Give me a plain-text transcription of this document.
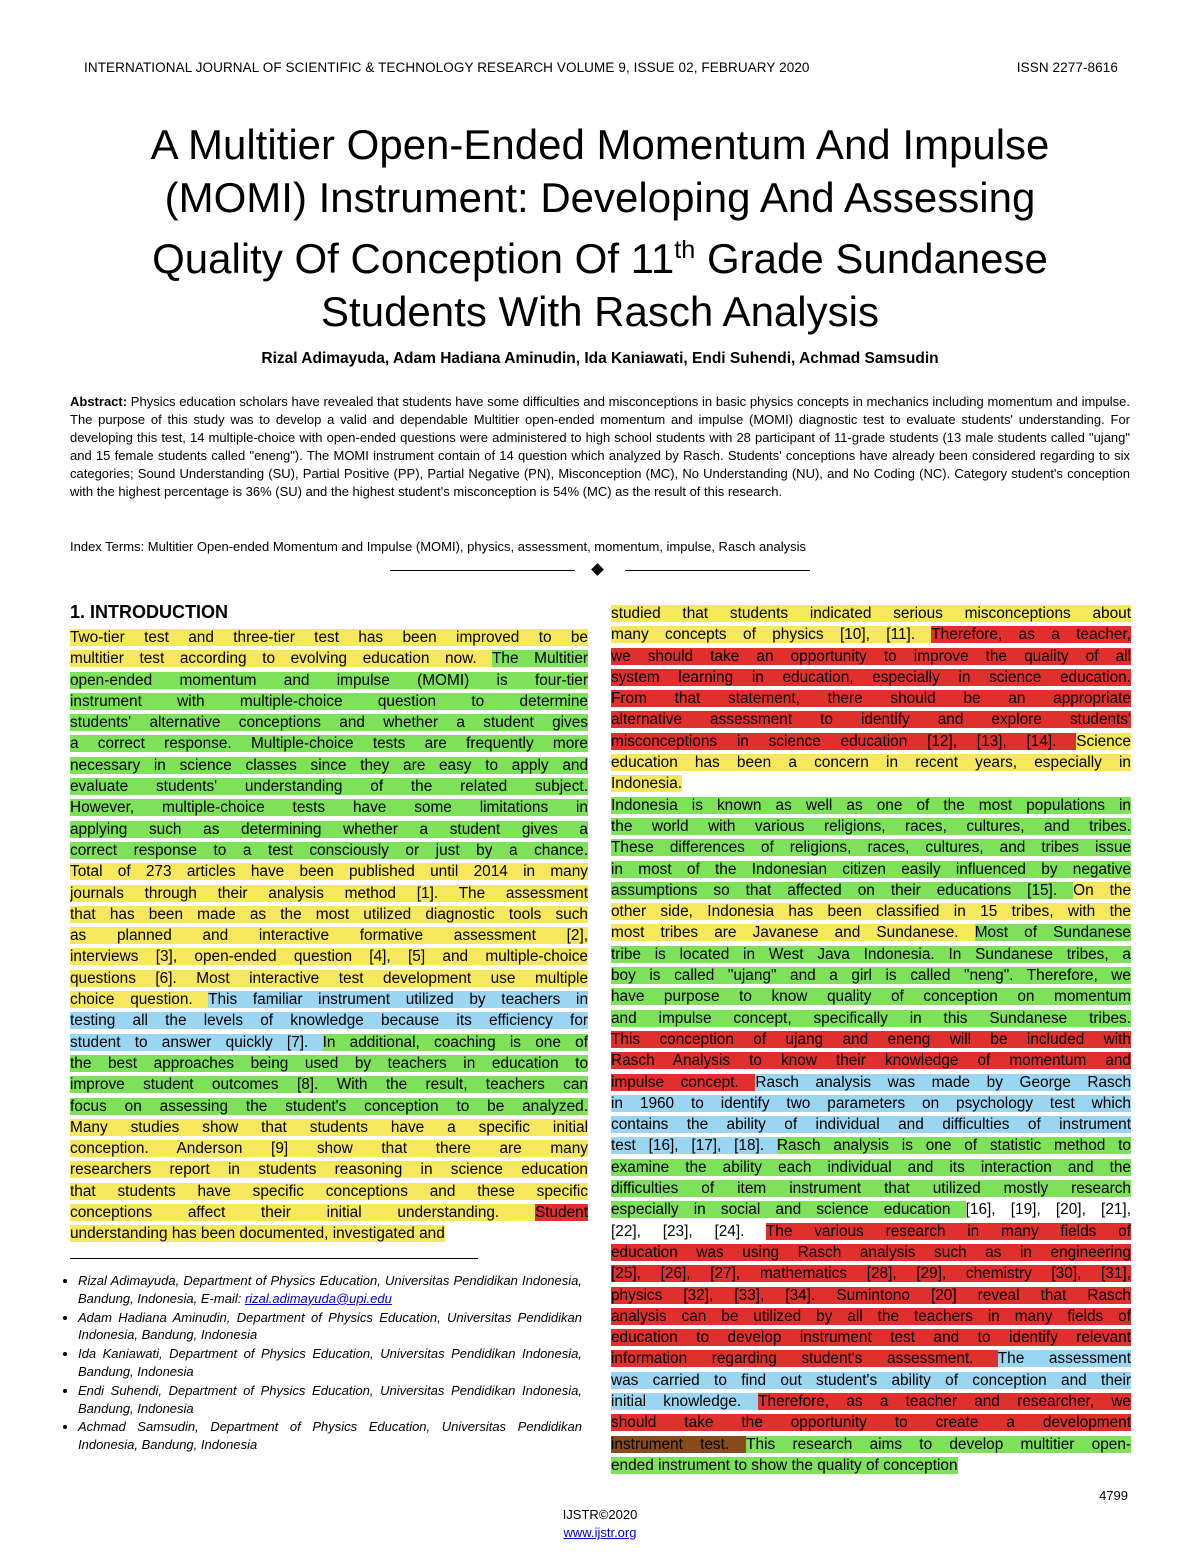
INTERNATIONAL JOURNAL OF SCIENTIFIC & TECHNOLOGY RESEARCH VOLUME 9, ISSUE 02, FEBRUARY 2020	ISSN 2277-8616
A Multitier Open-Ended Momentum And Impulse
(MOMI) Instrument: Developing And Assessing
Quality Of Conception Of 11th Grade Sundanese
Students With Rasch Analysis
Rizal Adimayuda, Adam Hadiana Aminudin, Ida Kaniawati, Endi Suhendi, Achmad Samsudin
Abstract: Physics education scholars have revealed that students have some difficulties and misconceptions in basic physics concepts in mechanics including momentum and impulse. The purpose of this study was to develop a valid and dependable Multitier open-ended momentum and impulse (MOMI) diagnostic test to evaluate students' understanding. For developing this test, 14 multiple-choice with open-ended questions were administered to high school students with 28 participant of 11-grade students (13 male students called "ujang" and 15 female students called "eneng"). The MOMI instrument contain of 14 question which analyzed by Rasch. Students' conceptions have already been considered regarding to six categories; Sound Understanding (SU), Partial Positive (PP), Partial Negative (PN), Misconception (MC), No Understanding (NU), and No Coding (NC). Category student's conception with the highest percentage is 36% (SU) and the highest student's misconception is 54% (MC) as the result of this research.
Index Terms: Multitier Open-ended Momentum and Impulse (MOMI), physics, assessment, momentum, impulse, Rasch analysis
1. INTRODUCTION
Two-tier test and three-tier test has been improved to be
multitier test according to evolving education now. The Multitier
open-ended momentum and impulse (MOMI) is four-tier
instrument with multiple-choice question to determine
students' alternative conceptions and whether a student gives
a correct response. Multiple-choice tests are frequently more
necessary in science classes since they are easy to apply and
evaluate students' understanding of the related subject.
However, multiple-choice tests have some limitations in
applying such as determining whether a student gives a
correct response to a test consciously or just by a chance.
Total of 273 articles have been published until 2014 in many
journals through their analysis method [1]. The assessment
that has been made as the most utilized diagnostic tools such
as planned and interactive formative assessment [2],
interviews [3], open-ended question [4], [5] and multiple-choice
questions [6]. Most interactive test development use multiple
choice question. This familiar instrument utilized by teachers in
testing all the levels of knowledge because its efficiency for
student to answer quickly [7]. In additional, coaching is one of
the best approaches being used by teachers in education to
improve student outcomes [8]. With the result, teachers can
focus on assessing the student's conception to be analyzed.
Many studies show that students have a specific initial
conception. Anderson [9] show that there are many
researchers report in students reasoning in science education
that students have specific conceptions and these specific
conceptions affect their initial understanding. Student
understanding has been documented, investigated and
studied that students indicated serious misconceptions about
many concepts of physics [10], [11]. Therefore, as a teacher,
we should take an opportunity to improve the quality of all
system learning in education, especially in science education.
From that statement, there should be an appropriate
alternative assessment to identify and explore students'
misconceptions in science education [12], [13], [14]. Science
education has been a concern in recent years, especially in
Indonesia.
Indonesia is known as well as one of the most populations in
the world with various religions, races, cultures, and tribes.
These differences of religions, races, cultures, and tribes issue
in most of the Indonesian citizen easily influenced by negative
assumptions so that affected on their educations [15]. On the
other side, Indonesia has been classified in 15 tribes, with the
most tribes are Javanese and Sundanese. Most of Sundanese
tribe is located in West Java Indonesia. In Sundanese tribes, a
boy is called "ujang" and a girl is called "neng". Therefore, we
have purpose to know quality of conception on momentum
and impulse concept, specifically in this Sundanese tribes.
This conception of ujang and eneng will be included with
Rasch Analysis to know their knowledge of momentum and
impulse concept. Rasch analysis was made by George Rasch
in 1960 to identify two parameters on psychology test which
contains the ability of individual and difficulties of instrument
test [16], [17], [18]. Rasch analysis is one of statistic method to
examine the ability each individual and its interaction and the
difficulties of item instrument that utilized mostly research
especially in social and science education [16], [19], [20], [21],
[22], [23], [24]. The various research in many fields of
education was using Rasch analysis such as in engineering
[25], [26], [27], mathematics [28], [29], chemistry [30], [31],
physics [32], [33], [34]. Sumintono [20] reveal that Rasch
analysis can be utilized by all the teachers in many fields of
education to develop instrument test and to identify relevant
information regarding student's assessment. The assessment
was carried to find out student's ability of conception and their
initial knowledge. Therefore, as a teacher and researcher, we
should take the opportunity to create a development
instrument test. This research aims to develop multitier open-
ended instrument to show the quality of conception
• Rizal Adimayuda, Department of Physics Education, Universitas Pendidikan Indonesia, Bandung, Indonesia, E-mail: rizal.adimayuda@upi.edu
• Adam Hadiana Aminudin, Department of Physics Education, Universitas Pendidikan Indonesia, Bandung, Indonesia
• Ida Kaniawati, Department of Physics Education, Universitas Pendidikan Indonesia, Bandung, Indonesia
• Endi Suhendi, Department of Physics Education, Universitas Pendidikan Indonesia, Bandung, Indonesia
• Achmad Samsudin, Department of Physics Education, Universitas Pendidikan Indonesia, Bandung, Indonesia
4799
IJSTR©2020
www.ijstr.org
